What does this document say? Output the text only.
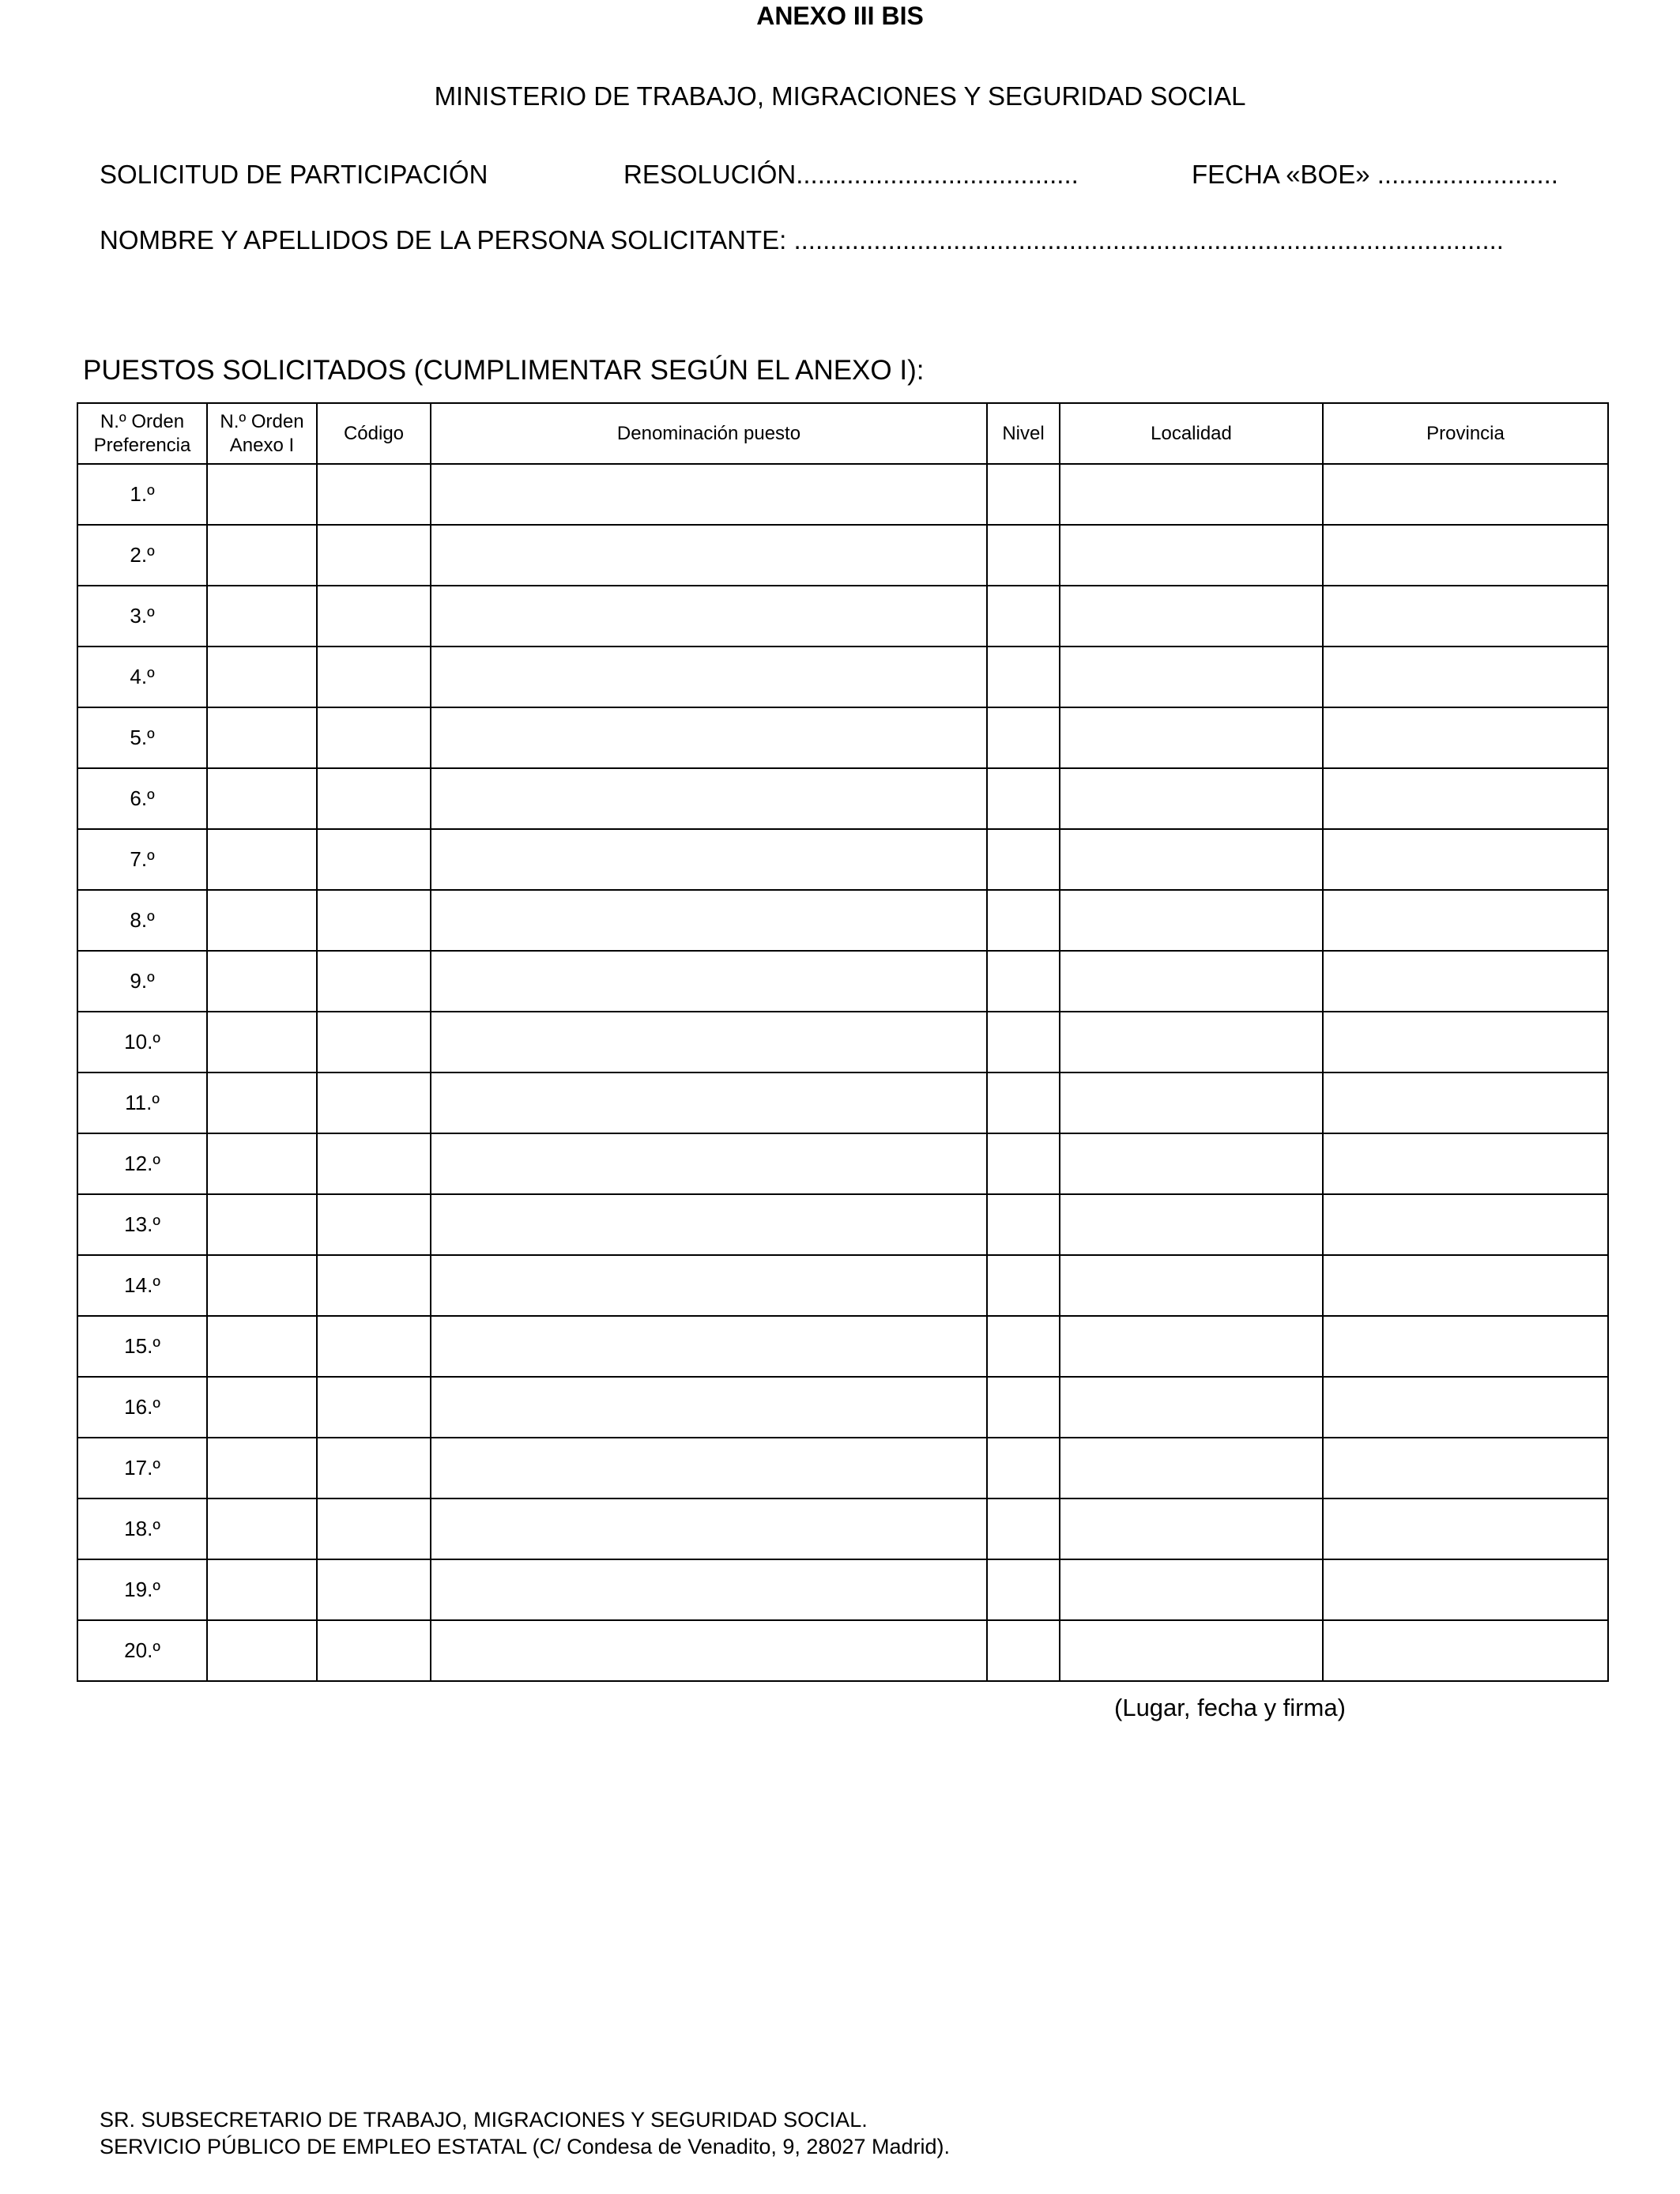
ANEXO III BIS
MINISTERIO DE TRABAJO, MIGRACIONES Y SEGURIDAD SOCIAL
SOLICITUD DE PARTICIPACIÓN	RESOLUCIÓN.......................................	FECHA «BOE» .........................
NOMBRE Y APELLIDOS DE LA PERSONA SOLICITANTE: ..................................................................................................
PUESTOS SOLICITADOS (CUMPLIMENTAR SEGÚN EL ANEXO I):
N.º Orden Preferencia	N.º Orden Anexo I	Código	Denominación puesto	Nivel	Localidad	Provincia
1.º						
2.º						
3.º						
4.º						
5.º						
6.º						
7.º						
8.º						
9.º						
10.º						
11.º						
12.º						
13.º						
14.º						
15.º						
16.º						
17.º						
18.º						
19.º						
20.º						
(Lugar, fecha y firma)
SR. SUBSECRETARIO DE TRABAJO, MIGRACIONES Y SEGURIDAD SOCIAL.
SERVICIO PÚBLICO DE EMPLEO ESTATAL (C/ Condesa de Venadito, 9, 28027 Madrid).
